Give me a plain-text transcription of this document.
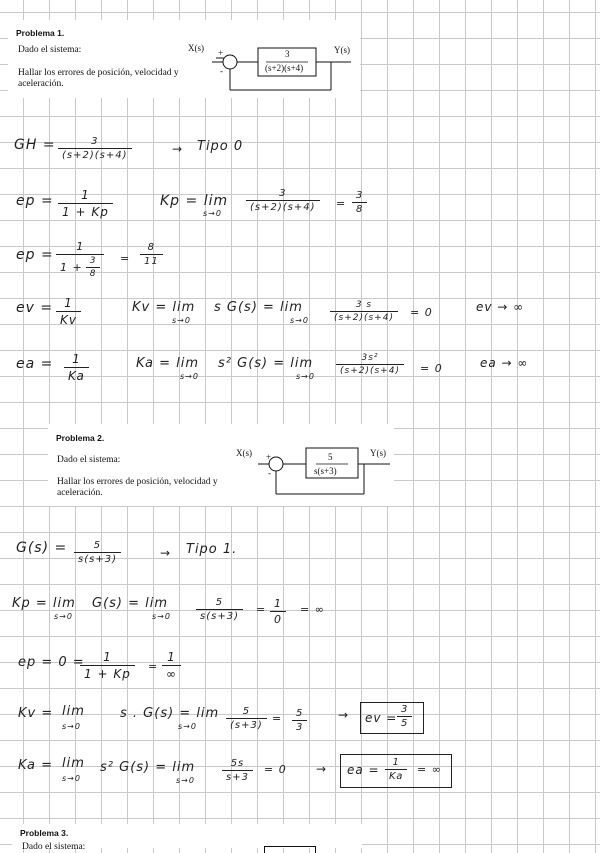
Problema 1.
Dado el sistema:
Hallar los errores de posición, velocidad y aceleración.
X(s) +
-
3
(s+2)(s+4)
Y(s)
GH =	3
(s+2)(s+4)	→ Tipo 0
ep =	1
1 + Kp
Kp = lim
s→0
3
(s+2)(s+4)	=
3
8
ep =
1
$1 + \frac{3}{8}$ =
8
11
ev = 1
Kv
Kv = lim
s→0
s G(s) = lim
s→0
3 s
(s+2)(s+4)	= 0	ev → ∞
ea =	1
Ka
Ka = lim
s→0
s² G(s) = lim
s→0
3s²
(s+2)(s+4)	= 0	ea → ∞
Problema 2.
Dado el sistema:
Hallar los errores de posición, velocidad y aceleración.
X(s) +
-
5
s(s+3)
Y(s)
G(s) =	5
s(s+3)	→ Tipo 1.
Kp = lim
s→0
G(s) = lim
s→0
5
s(s+3)
= 1
0
= ∞
ep = 0 =	1
1 + Kp
=
1
∞
Kv = lim
s→0
s . G(s) = lim
s→0
5
(s+3)
=	5
3
→ ev =
3
5
Ka = lim
s→0
s² G(s) = lim
s→0
5s
s+3
= 0 → ea =
1
Ka
= ∞
Problema 3.
Dado el sistema:
